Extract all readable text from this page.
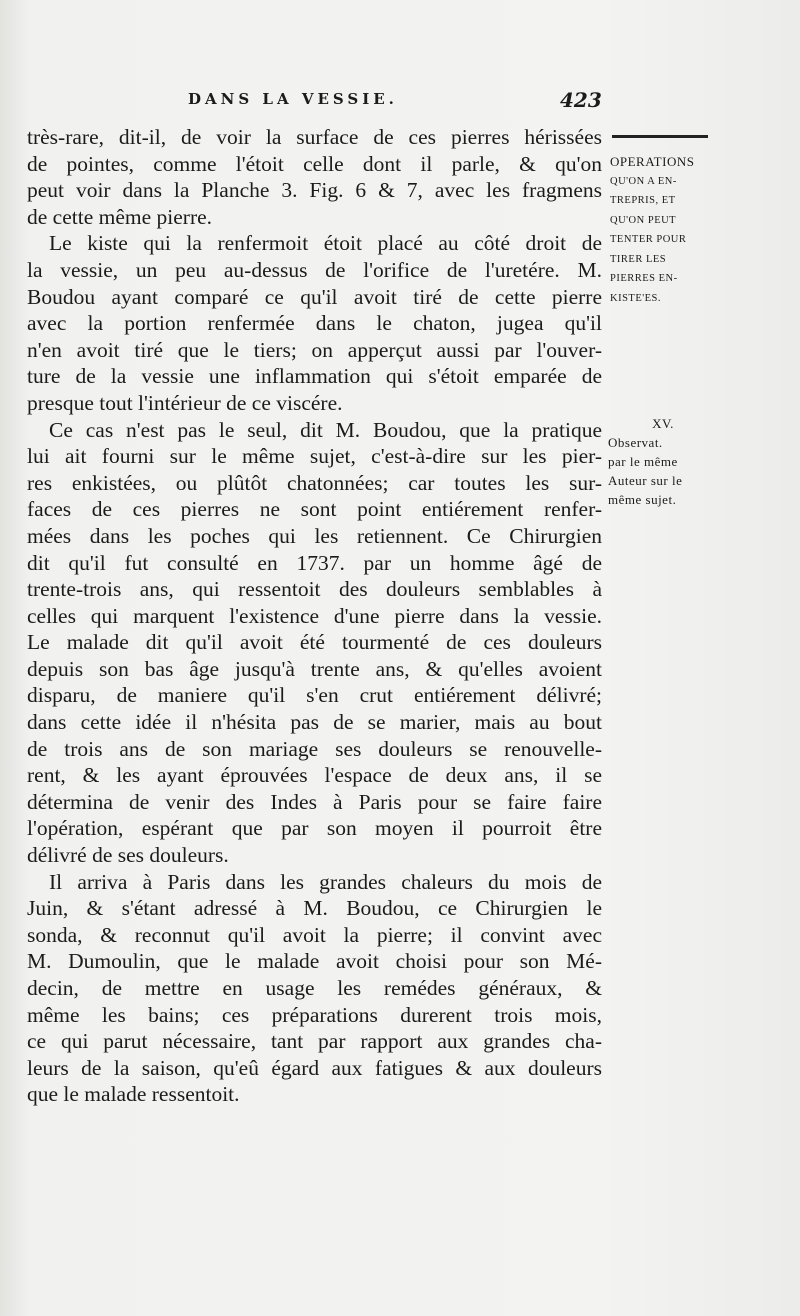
DANS LA VESSIE.	423

très-rare, dit-il, de voir la surface de ces pierres hérissées
de pointes, comme l'étoit celle dont il parle, & qu'on
peut voir dans la Planche 3. Fig. 6 & 7, avec les fragmens
de cette même pierre.

Le kiste qui la renfermoit étoit placé au côté droit de
la vessie, un peu au-dessus de l'orifice de l'uretére. M.
Boudou ayant comparé ce qu'il avoit tiré de cette pierre
avec la portion renfermée dans le chaton, jugea qu'il
n'en avoit tiré que le tiers; on apperçut aussi par l'ouver-
ture de la vessie une inflammation qui s'étoit emparée de
presque tout l'intérieur de ce viscére.

Ce cas n'est pas le seul, dit M. Boudou, que la pratique
lui ait fourni sur le même sujet, c'est-à-dire sur les pier-
res enkistées, ou plûtôt chatonnées; car toutes les sur-
faces de ces pierres ne sont point entiérement renfer-
mées dans les poches qui les retiennent. Ce Chirurgien
dit qu'il fut consulté en 1737. par un homme âgé de
trente-trois ans, qui ressentoit des douleurs semblables à
celles qui marquent l'existence d'une pierre dans la vessie.
Le malade dit qu'il avoit été tourmenté de ces douleurs
depuis son bas âge jusqu'à trente ans, & qu'elles avoient
disparu, de maniere qu'il s'en crut entiérement délivré;
dans cette idée il n'hésita pas de se marier, mais au bout
de trois ans de son mariage ses douleurs se renouvelle-
rent, & les ayant éprouvées l'espace de deux ans, il se
détermina de venir des Indes à Paris pour se faire faire
l'opération, espérant que par son moyen il pourroit être
délivré de ses douleurs.

Il arriva à Paris dans les grandes chaleurs du mois de
Juin, & s'étant adressé à M. Boudou, ce Chirurgien le
sonda, & reconnut qu'il avoit la pierre; il convint avec
M. Dumoulin, que le malade avoit choisi pour son Mé-
decin, de mettre en usage les remédes généraux, &
même les bains; ces préparations durerent trois mois,
ce qui parut nécessaire, tant par rapport aux grandes cha-
leurs de la saison, qu'eû égard aux fatigues & aux douleurs
que le malade ressentoit.

OPERATIONS
QU'ON A EN-
TREPRIS, ET
QU'ON PEUT
TENTER POUR
TIRER LES
PIERRES EN-
KISTE'ES.
XV.
Observat.
par le même
Auteur sur le
même sujet.
